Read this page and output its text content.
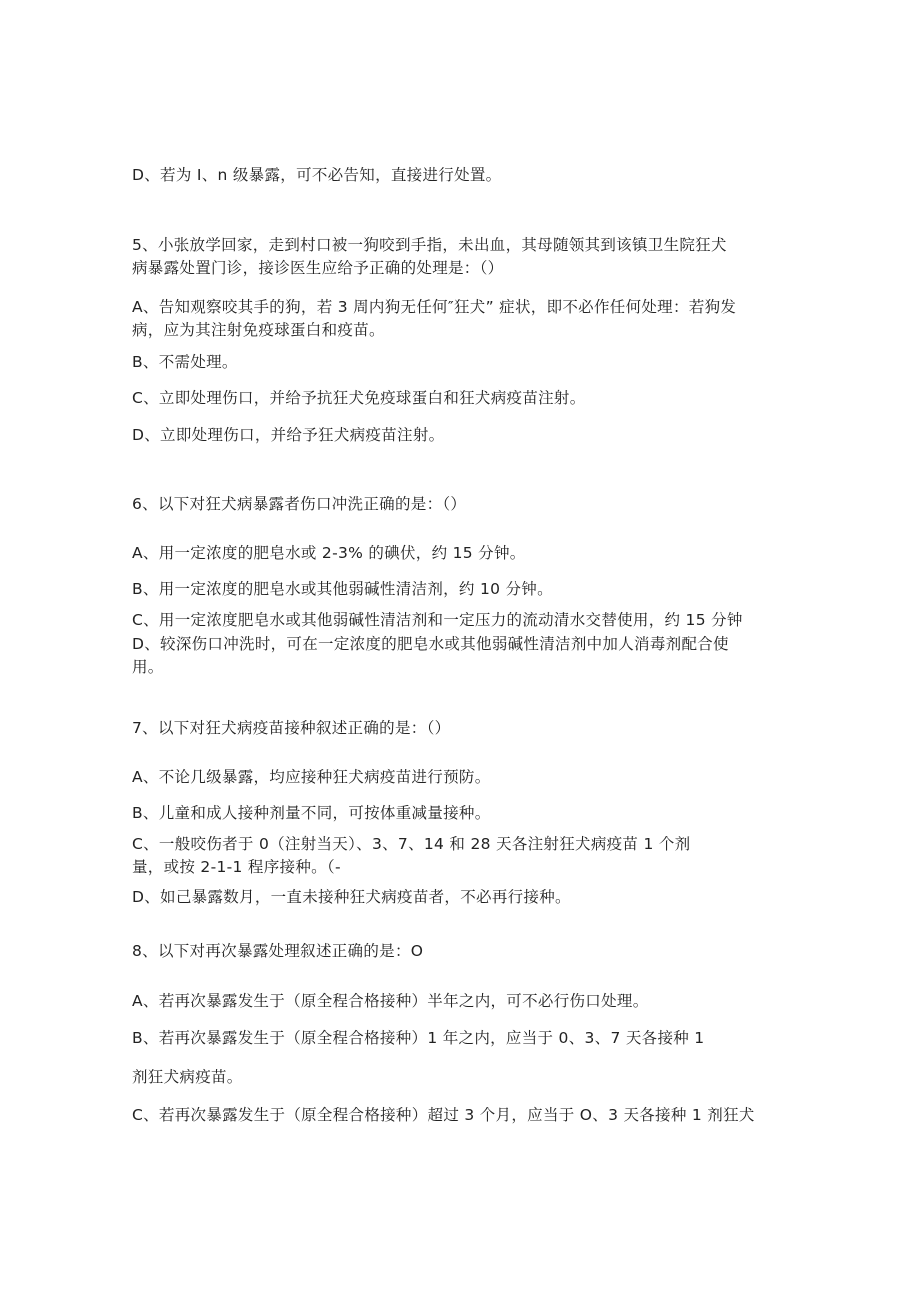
D、若为 I、n 级暴露，可不必告知，直接进行处置。
5、小张放学回家，走到村口被一狗咬到手指，未出血，其母随领其到该镇卫生院狂犬
病暴露处置门诊，接诊医生应给予正确的处理是：（）
A、告知观察咬其手的狗，若 3 周内狗无任何″狂犬” 症状，即不必作任何处理：若狗发
病，应为其注射免疫球蛋白和疫苗。
B、不需处理。
C、立即处理伤口，并给予抗狂犬免疫球蛋白和狂犬病疫苗注射。
D、立即处理伤口，并给予狂犬病疫苗注射。
6、以下对狂犬病暴露者伤口冲洗正确的是：（）
A、用一定浓度的肥皂水或 2-3% 的碘伏，约 15 分钟。
B、用一定浓度的肥皂水或其他弱碱性清洁剂，约 10 分钟。
C、用一定浓度肥皂水或其他弱碱性清洁剂和一定压力的流动清水交替使用，约 15 分钟
D、较深伤口冲洗时，可在一定浓度的肥皂水或其他弱碱性清洁剂中加人消毒剂配合使
用。
7、以下对狂犬病疫苗接种叙述正确的是：（）
A、不论几级暴露，均应接种狂犬病疫苗进行预防。
B、儿童和成人接种剂量不同，可按体重减量接种。
C、一般咬伤者于 0（注射当天）、3、7、14 和 28 天各注射狂犬病疫苗 1 个剂
量，或按 2-1-1 程序接种。（-
D、如己暴露数月，一直未接种狂犬病疫苗者，不必再行接种。
8、以下对再次暴露处理叙述正确的是：O
A、若再次暴露发生于（原全程合格接种）半年之内，可不必行伤口处理。
B、若再次暴露发生于（原全程合格接种）1 年之内，应当于 0、3、7 天各接种 1
剂狂犬病疫苗。
C、若再次暴露发生于（原全程合格接种）超过 3 个月，应当于 O、3 天各接种 1 剂狂犬
